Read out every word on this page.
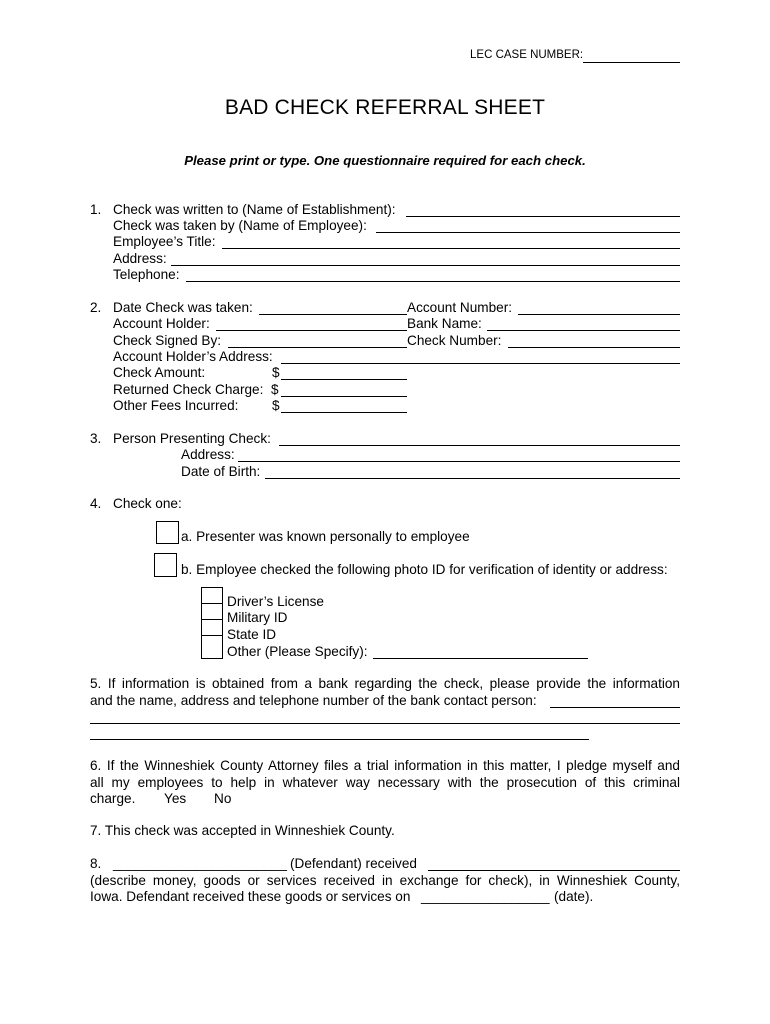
LEC CASE NUMBER:
BAD CHECK REFERRAL SHEET
Please print or type. One questionnaire required for each check.
1. Check was written to (Name of Establishment):
Check was taken by (Name of Employee):
Employee’s Title:
Address:
Telephone:
2. Date Check was taken:	Account Number:
Account Holder:	Bank Name:
Check Signed By:	Check Number:
Account Holder’s Address:
Check Amount:	$
Returned Check Charge: $
Other Fees Incurred: $
3. Person Presenting Check:
Address:
Date of Birth:
4. Check one:
a. Presenter was known personally to employee
b. Employee checked the following photo ID for verification of identity or address:
Driver’s License
Military ID
State ID
Other (Please Specify):
5. If information is obtained from a bank regarding the check, please provide the information
and the name, address and telephone number of the bank contact person:
6. If the Winneshiek County Attorney files a trial information in this matter, I pledge myself and
all my employees to help in whatever way necessary with the prosecution of this criminal
charge. Yes No
7. This check was accepted in Winneshiek County.
8. _______________________ (Defendant) received
(describe money, goods or services received in exchange for check), in Winneshiek County,
Iowa. Defendant received these goods or services on _________________ (date).
